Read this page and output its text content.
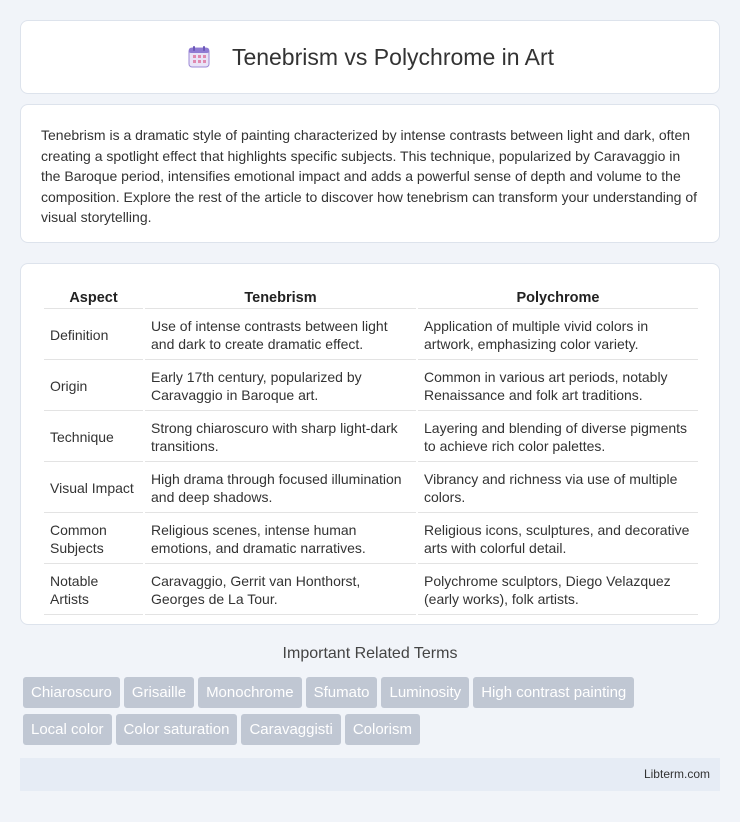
Tenebrism vs Polychrome in Art

Tenebrism is a dramatic style of painting characterized by intense contrasts between light and dark, often creating a spotlight effect that highlights specific subjects. This technique, popularized by Caravaggio in the Baroque period, intensifies emotional impact and adds a powerful sense of depth and volume to the composition. Explore the rest of the article to discover how tenebrism can transform your understanding of visual storytelling.

Aspect	Tenebrism	Polychrome
Definition	Use of intense contrasts between light and dark to create dramatic effect.	Application of multiple vivid colors in artwork, emphasizing color variety.
Origin	Early 17th century, popularized by Caravaggio in Baroque art.	Common in various art periods, notably Renaissance and folk art traditions.
Technique	Strong chiaroscuro with sharp light-dark transitions.	Layering and blending of diverse pigments to achieve rich color palettes.
Visual Impact	High drama through focused illumination and deep shadows.	Vibrancy and richness via use of multiple colors.
Common Subjects	Religious scenes, intense human emotions, and dramatic narratives.	Religious icons, sculptures, and decorative arts with colorful detail.
Notable Artists	Caravaggio, Gerrit van Honthorst, Georges de La Tour.	Polychrome sculptors, Diego Velazquez (early works), folk artists.
Important Related Terms
Chiaroscuro Grisaille Monochrome Sfumato Luminosity High contrast painting
Local color Color saturation Caravaggisti Colorism
Libterm.com
